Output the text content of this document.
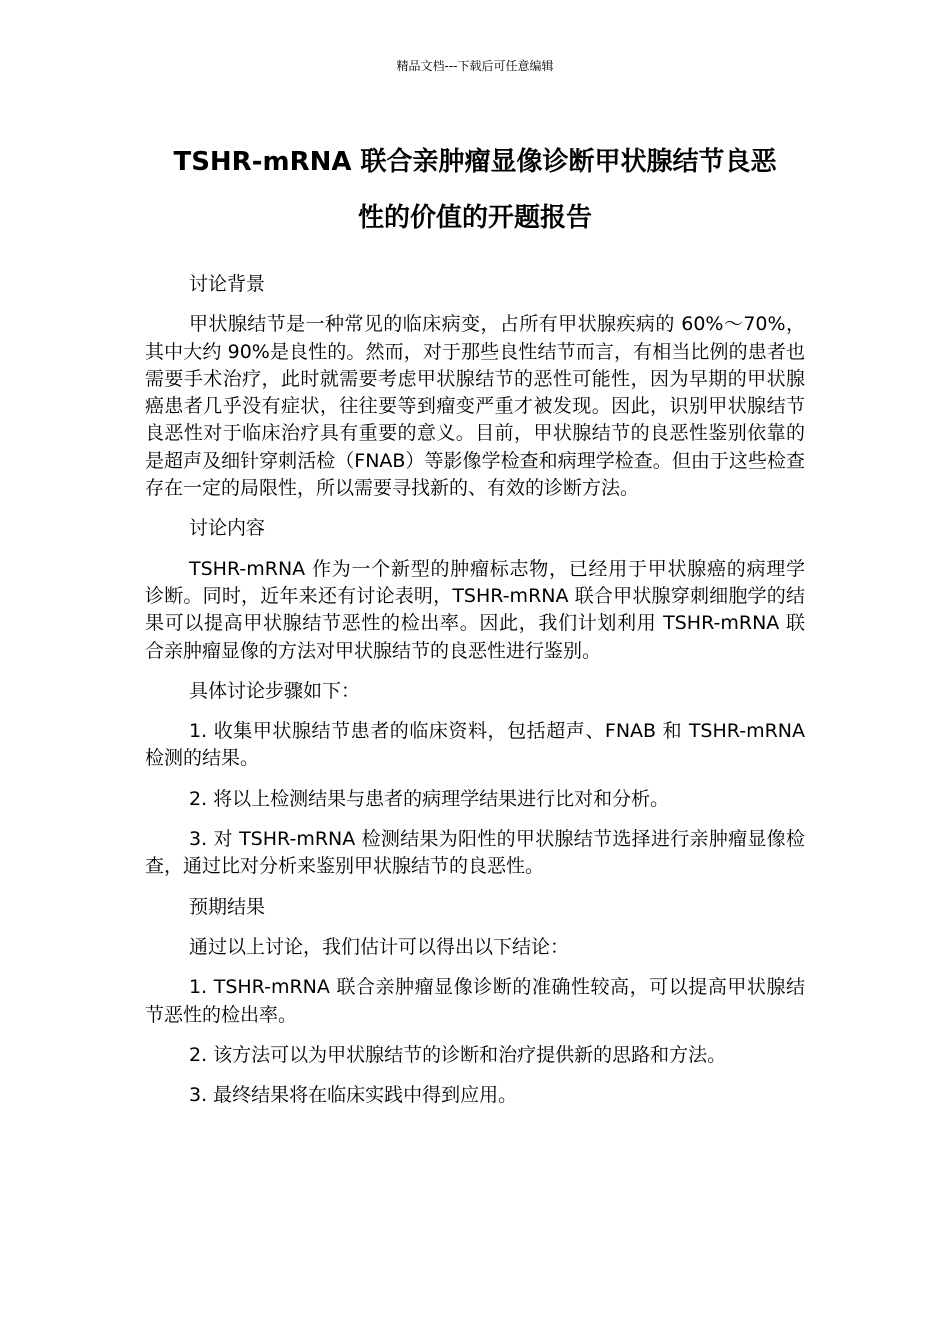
精品文档---下载后可任意编辑
TSHR-mRNA 联合亲肿瘤显像诊断甲状腺结节良恶
性的价值的开题报告

讨论背景

甲状腺结节是一种常见的临床病变，占所有甲状腺疾病的 60%～70%，其中大约 90%是良性的。然而，对于那些良性结节而言，有相当比例的患者也需要手术治疗，此时就需要考虑甲状腺结节的恶性可能性，因为早期的甲状腺癌患者几乎没有症状，往往要等到瘤变严重才被发现。因此，识别甲状腺结节良恶性对于临床治疗具有重要的意义。目前，甲状腺结节的良恶性鉴别依靠的是超声及细针穿刺活检（FNAB）等影像学检查和病理学检查。但由于这些检查存在一定的局限性，所以需要寻找新的、有效的诊断方法。

讨论内容

TSHR-mRNA 作为一个新型的肿瘤标志物，已经用于甲状腺癌的病理学诊断。同时，近年来还有讨论表明，TSHR-mRNA 联合甲状腺穿刺细胞学的结果可以提高甲状腺结节恶性的检出率。因此，我们计划利用 TSHR-mRNA 联合亲肿瘤显像的方法对甲状腺结节的良恶性进行鉴别。

具体讨论步骤如下：

1. 收集甲状腺结节患者的临床资料，包括超声、FNAB 和 TSHR-mRNA 检测的结果。

2. 将以上检测结果与患者的病理学结果进行比对和分析。

3. 对 TSHR-mRNA 检测结果为阳性的甲状腺结节选择进行亲肿瘤显像检查，通过比对分析来鉴别甲状腺结节的良恶性。

预期结果

通过以上讨论，我们估计可以得出以下结论：

1. TSHR-mRNA 联合亲肿瘤显像诊断的准确性较高，可以提高甲状腺结节恶性的检出率。

2. 该方法可以为甲状腺结节的诊断和治疗提供新的思路和方法。

3. 最终结果将在临床实践中得到应用。
